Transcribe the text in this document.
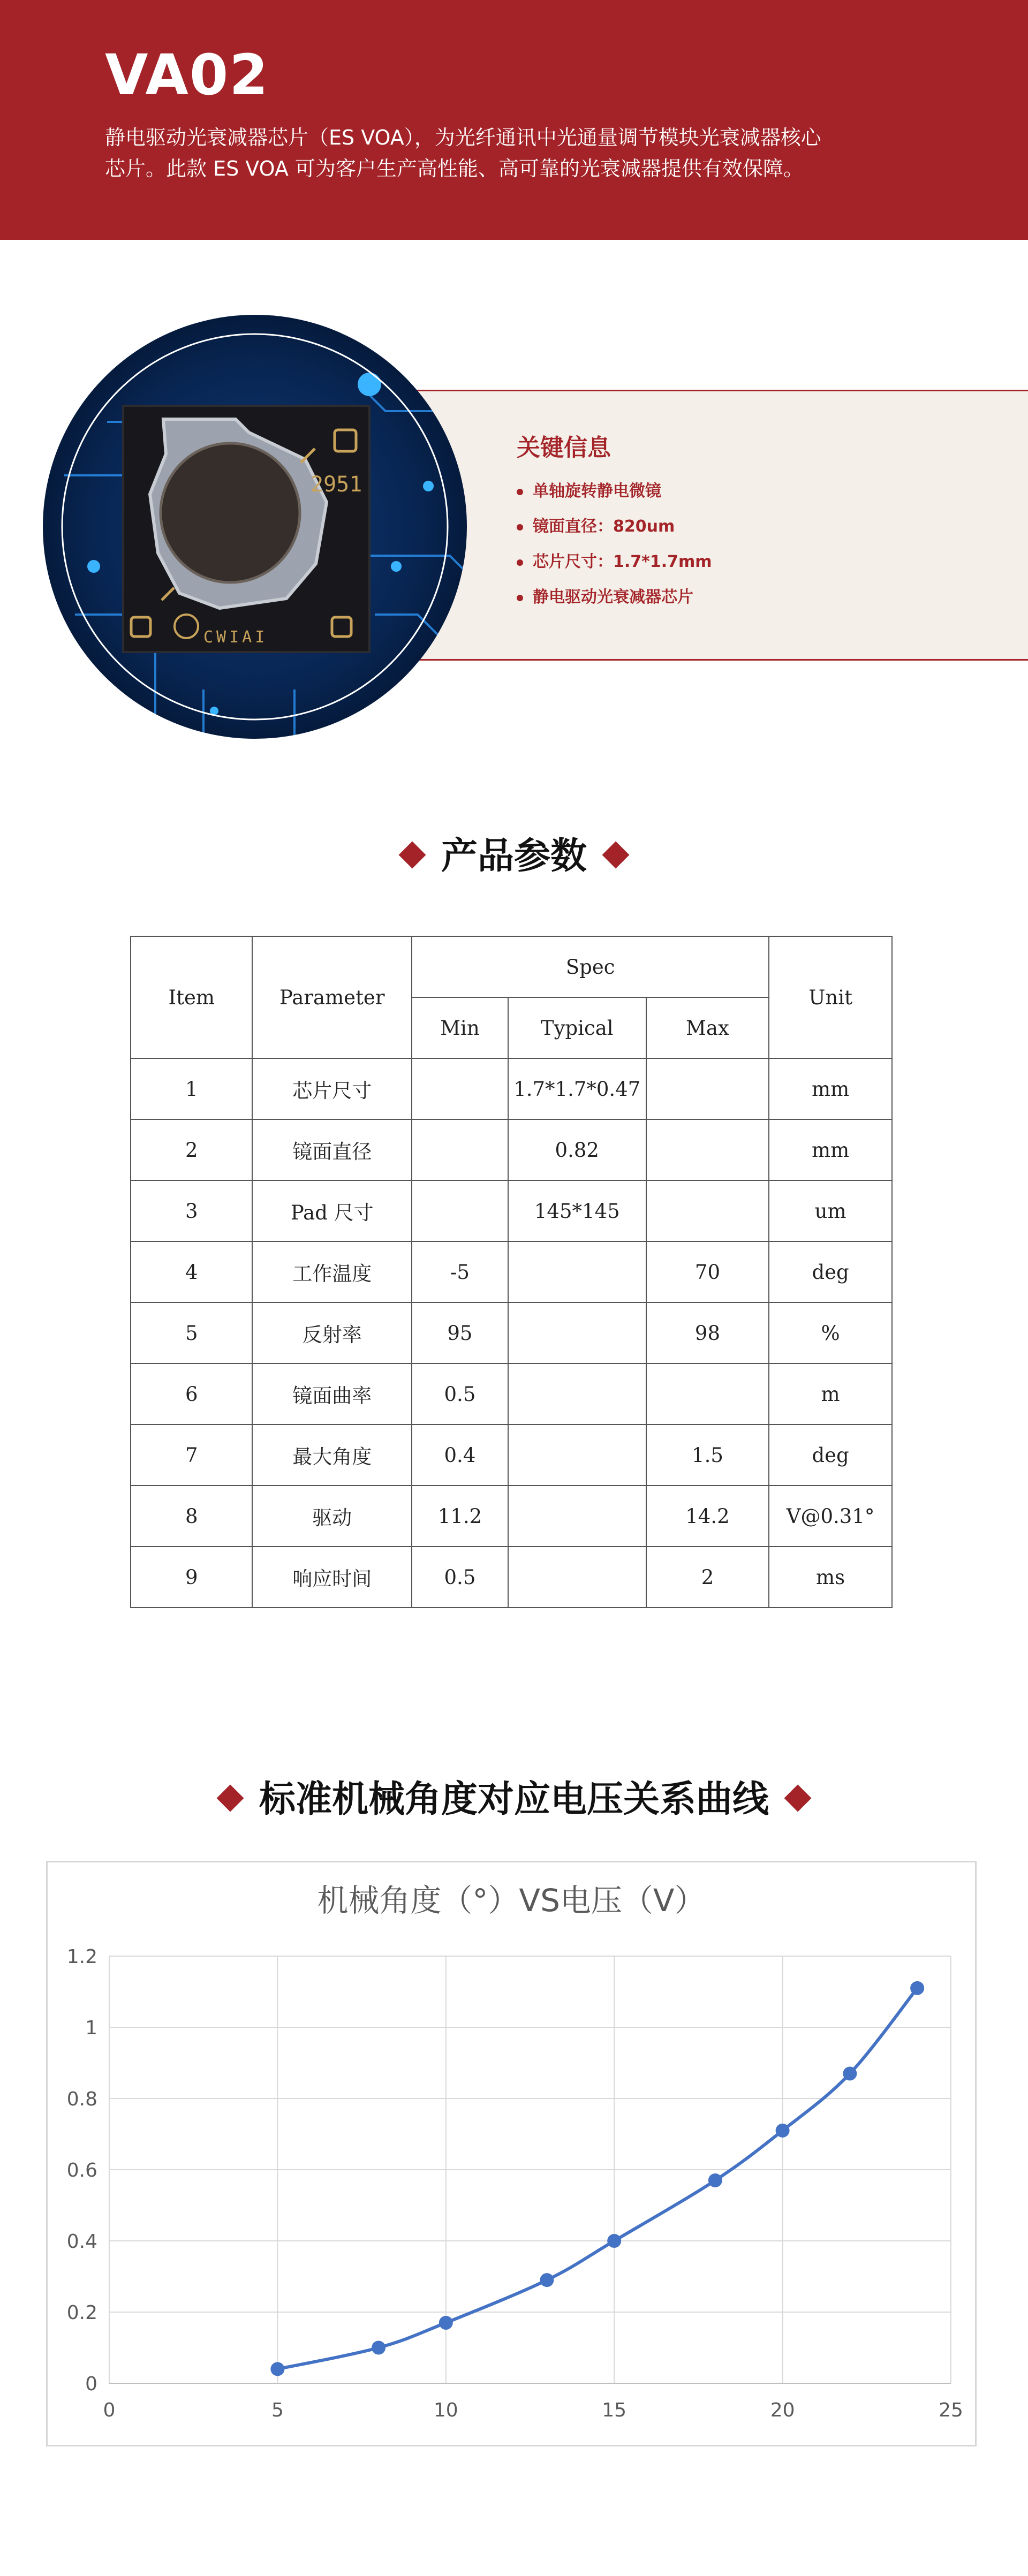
VA02
静电驱动光衰减器芯片（ES VOA），为光纤通讯中光通量调节模块光衰减器核心芯片。此款 ES VOA 可为客户生产高性能、高可靠的光衰减器提供有效保障。
2951
CWIAI
关键信息
单轴旋转静电微镜
镜面直径：820um
芯片尺寸：1.7*1.7mm
静电驱动光衰减器芯片
产品参数
Item	Parameter	Spec			Unit
		Min	Typical	Max	
1	芯片尺寸		1.7*1.7*0.47		mm
2	镜面直径		0.82		mm
3	Pad 尺寸		145*145		um
4	工作温度	-5		70	deg
5	反射率	95		98	%
6	镜面曲率	0.5			m
7	最大角度	0.4		1.5	deg
8	驱动	11.2		14.2	V@0.31°
9	响应时间	0.5		2	ms
标准机械角度对应电压关系曲线
机械角度（°）VS电压（V）
0
0.2
0.4
0.6
0.8
1
1.2
0	5	10	15	20	25
